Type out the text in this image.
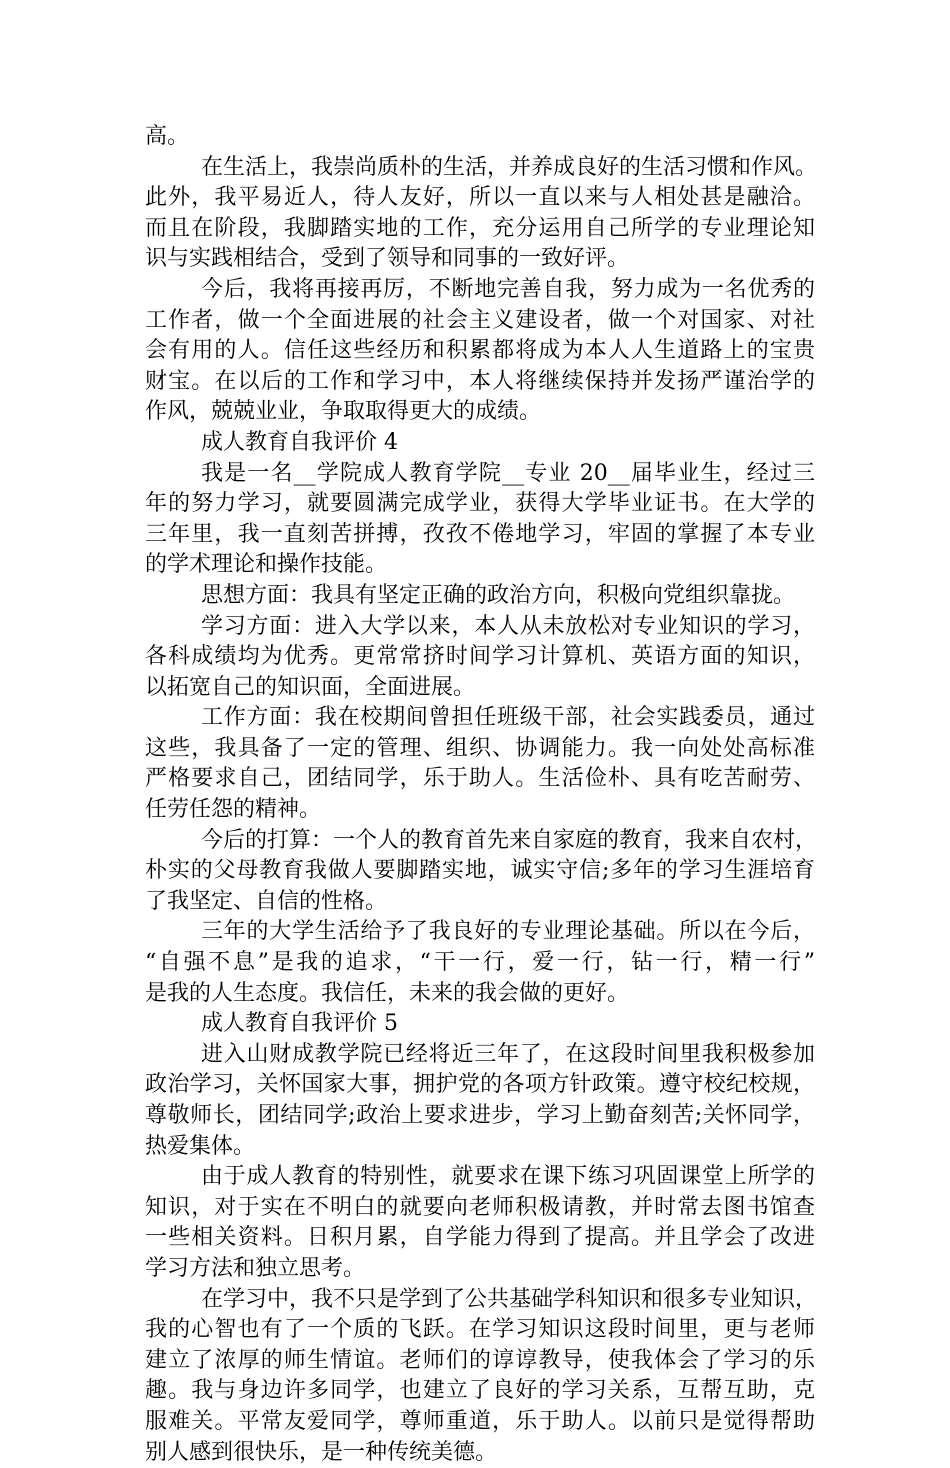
高。
在生活上，我崇尚质朴的生活，并养成良好的生活习惯和作风。
此外，我平易近人，待人友好，所以一直以来与人相处甚是融洽。
而且在阶段，我脚踏实地的工作，充分运用自己所学的专业理论知
识与实践相结合，受到了领导和同事的一致好评。
今后，我将再接再厉，不断地完善自我，努力成为一名优秀的
工作者，做一个全面进展的社会主义建设者，做一个对国家、对社
会有用的人。信任这些经历和积累都将成为本人人生道路上的宝贵
财宝。在以后的工作和学习中，本人将继续保持并发扬严谨治学的
作风，兢兢业业，争取取得更大的成绩。
成人教育自我评价 4
我是一名__学院成人教育学院__专业 20__届毕业生，经过三
年的努力学习，就要圆满完成学业，获得大学毕业证书。在大学的
三年里，我一直刻苦拼搏，孜孜不倦地学习，牢固的掌握了本专业
的学术理论和操作技能。
思想方面：我具有坚定正确的政治方向，积极向党组织靠拢。
学习方面：进入大学以来，本人从未放松对专业知识的学习，
各科成绩均为优秀。更常常挤时间学习计算机、英语方面的知识，
以拓宽自己的知识面，全面进展。
工作方面：我在校期间曾担任班级干部，社会实践委员，通过
这些，我具备了一定的管理、组织、协调能力。我一向处处高标准
严格要求自己，团结同学，乐于助人。生活俭朴、具有吃苦耐劳、
任劳任怨的精神。
今后的打算：一个人的教育首先来自家庭的教育，我来自农村，
朴实的父母教育我做人要脚踏实地，诚实守信;多年的学习生涯培育
了我坚定、自信的性格。
三年的大学生活给予了我良好的专业理论基础。所以在今后，
“自强不息”是我的追求，“干一行，爱一行，钻一行，精一行”
是我的人生态度。我信任，未来的我会做的更好。
成人教育自我评价 5
进入山财成教学院已经将近三年了，在这段时间里我积极参加
政治学习，关怀国家大事，拥护党的各项方针政策。遵守校纪校规，
尊敬师长，团结同学;政治上要求进步，学习上勤奋刻苦;关怀同学，
热爱集体。
由于成人教育的特别性，就要求在课下练习巩固课堂上所学的
知识，对于实在不明白的就要向老师积极请教，并时常去图书馆查
一些相关资料。日积月累，自学能力得到了提高。并且学会了改进
学习方法和独立思考。
在学习中，我不只是学到了公共基础学科知识和很多专业知识，
我的心智也有了一个质的飞跃。在学习知识这段时间里，更与老师
建立了浓厚的师生情谊。老师们的谆谆教导，使我体会了学习的乐
趣。我与身边许多同学，也建立了良好的学习关系，互帮互助，克
服难关。平常友爱同学，尊师重道，乐于助人。以前只是觉得帮助
别人感到很快乐，是一种传统美德。
